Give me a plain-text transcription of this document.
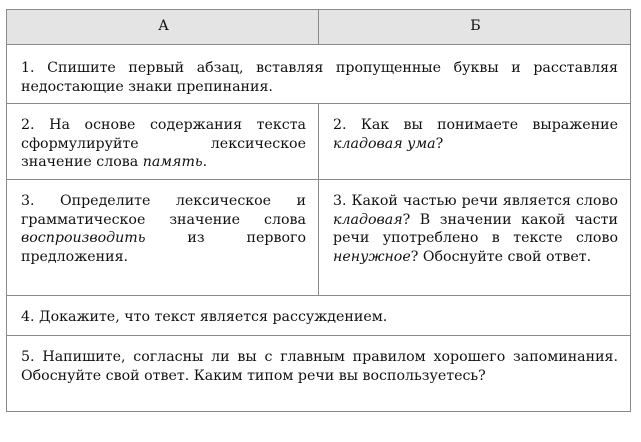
А	Б
1. Спишите первый абзац, вставляя пропущенные буквы и расставляя недостающие знаки препинания.	
2. На основе содержания текста сформулируйте лексическое значение слова память.	2. Как вы понимаете выражение кладовая ума?
3. Определите лексическое и грамматическое значение слова воспроизводить из первого предложения.	3. Какой частью речи является слово кладовая? В значении какой части речи употреблено в тексте слово ненужное? Обоснуйте свой ответ.
4. Докажите, что текст является рассуждением.	
5. Напишите, согласны ли вы с главным правилом хорошего запоминания. Обоснуйте свой ответ. Каким типом речи вы воспользуетесь?	
